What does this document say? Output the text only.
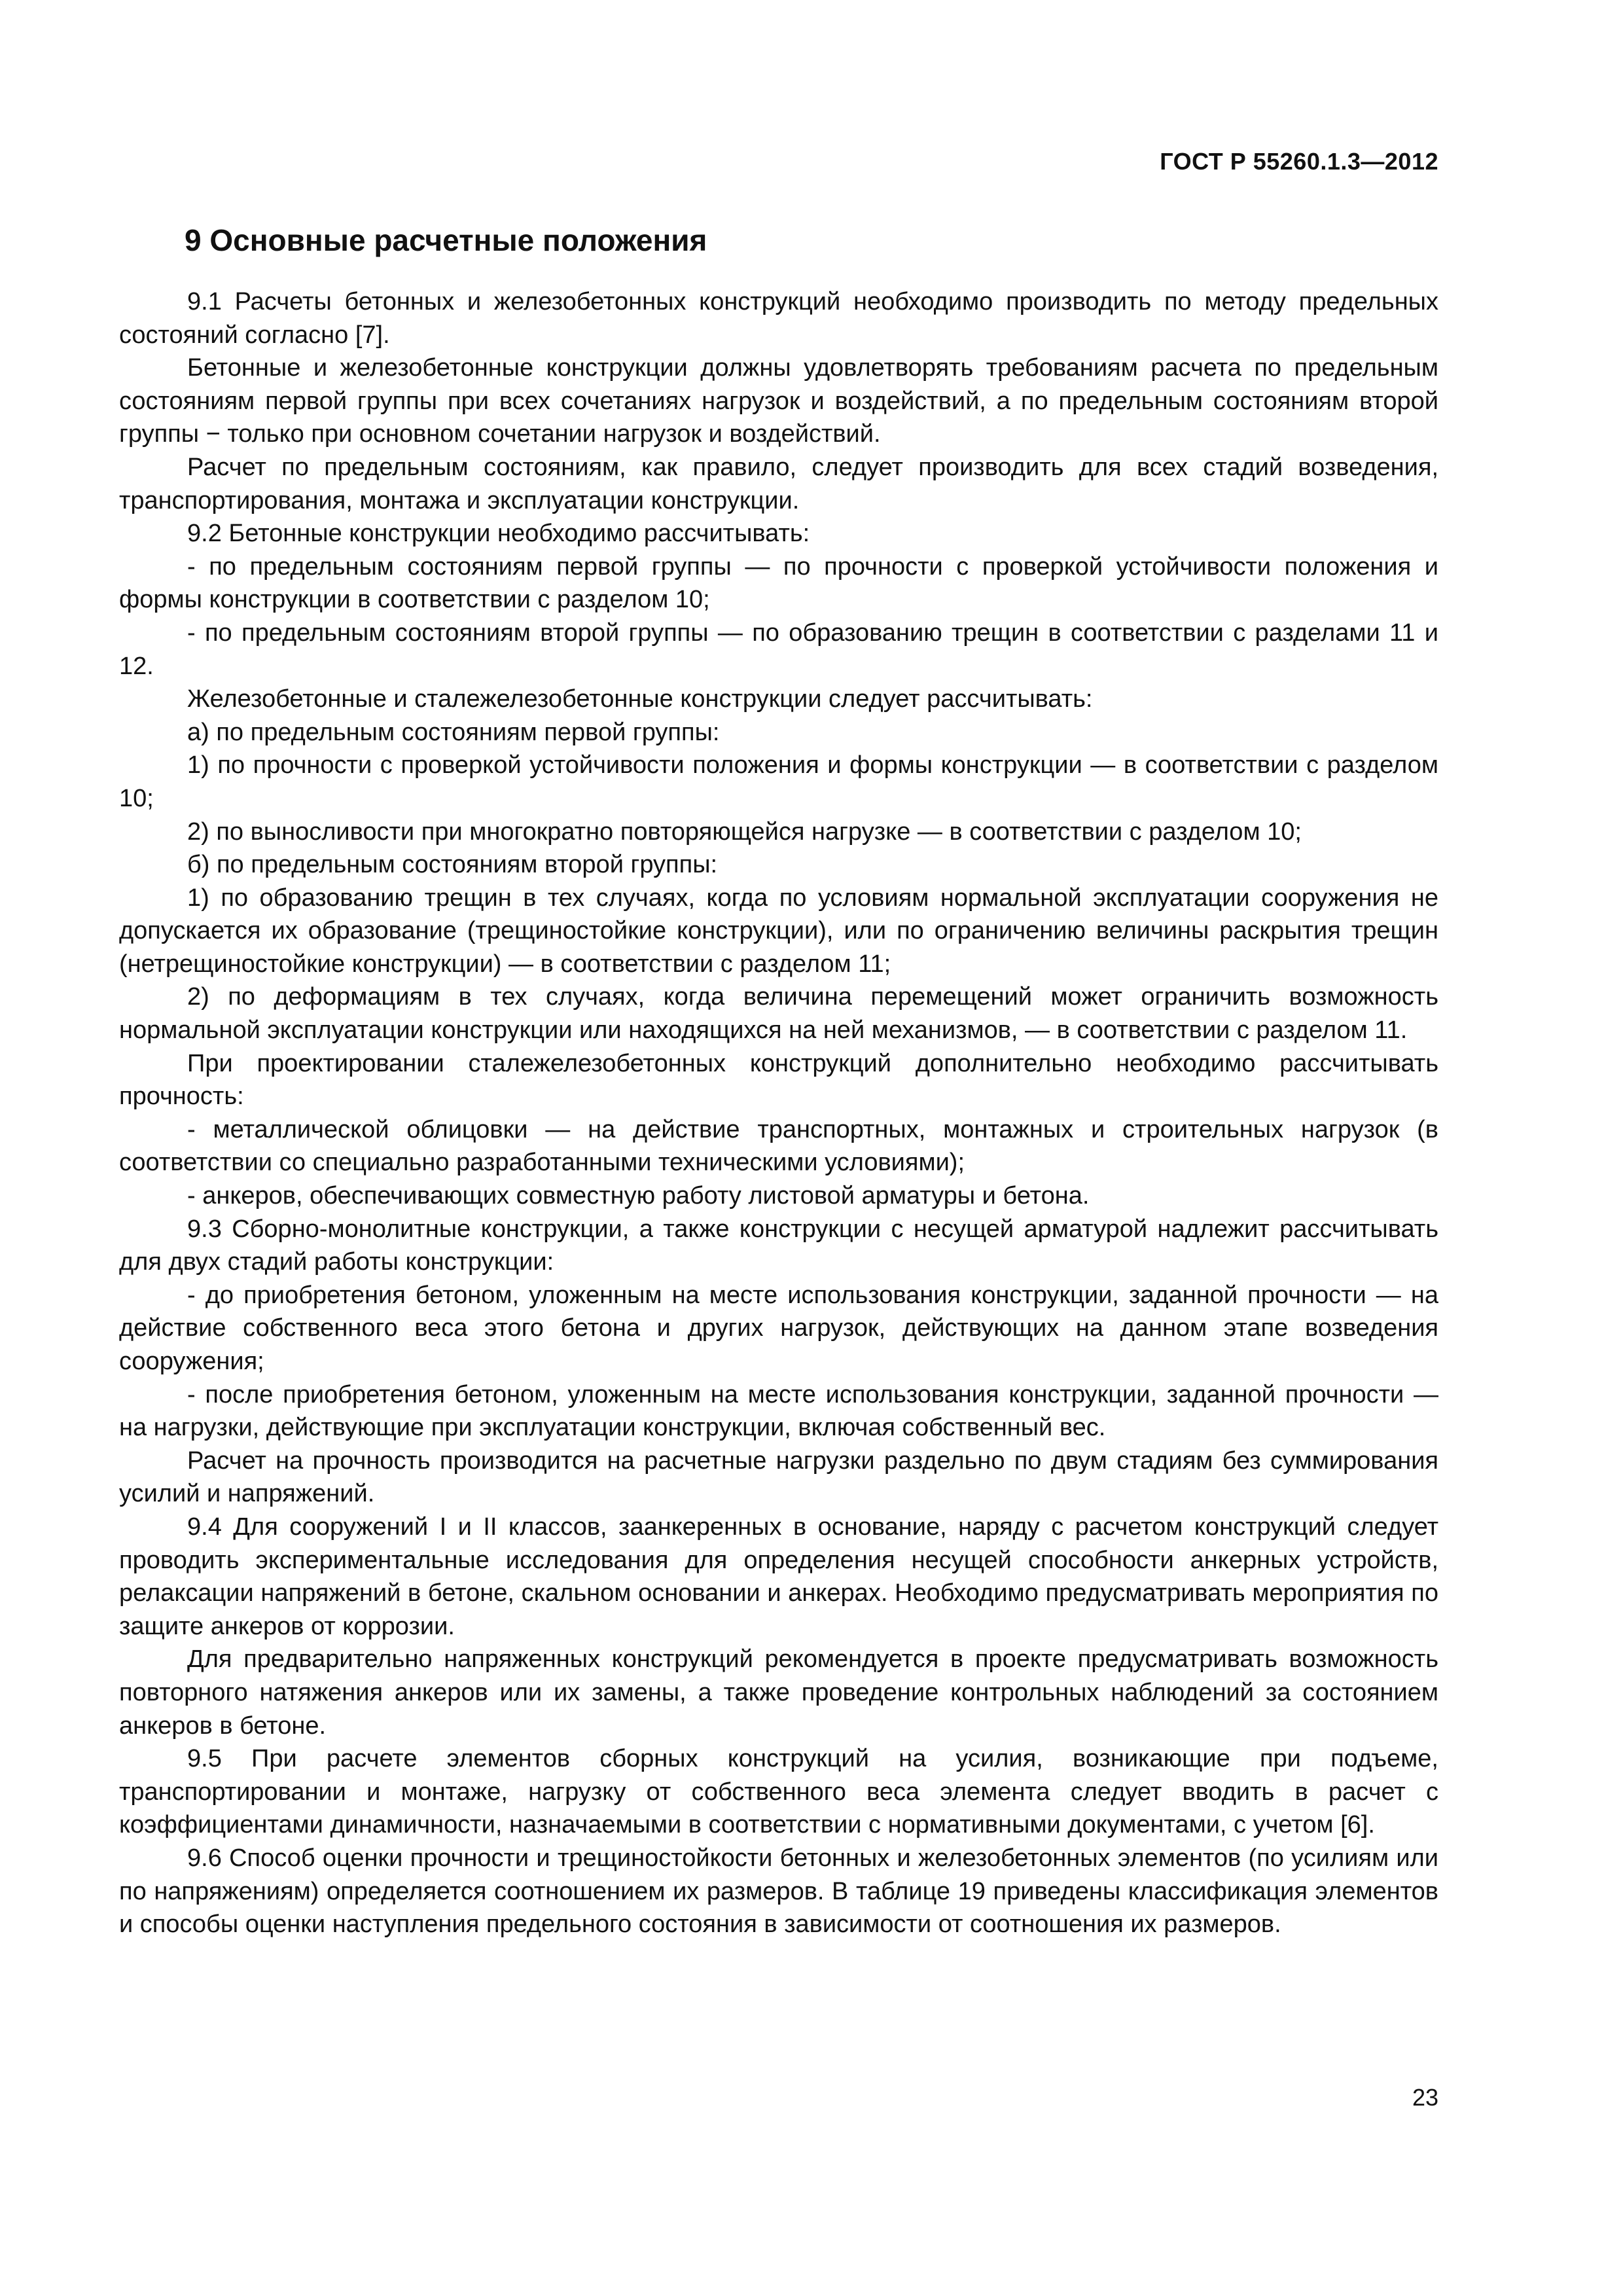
ГОСТ Р 55260.1.3—2012
9 Основные расчетные положения

9.1 Расчеты бетонных и железобетонных конструкций необходимо производить по методу предельных состояний согласно [7].

Бетонные и железобетонные конструкции должны удовлетворять требованиям расчета по предельным состояниям первой группы при всех сочетаниях нагрузок и воздействий, а по предельным состояниям второй группы − только при основном сочетании нагрузок и воздействий.

Расчет по предельным состояниям, как правило, следует производить для всех стадий возведения, транспортирования, монтажа и эксплуатации конструкции.

9.2 Бетонные конструкции необходимо рассчитывать:

- по предельным состояниям первой группы — по прочности с проверкой устойчивости положения и формы конструкции в соответствии с разделом 10;

- по предельным состояниям второй группы — по образованию трещин в соответствии с разделами 11 и 12.

Железобетонные и сталежелезобетонные конструкции следует рассчитывать:

а) по предельным состояниям первой группы:

1) по прочности с проверкой устойчивости положения и формы конструкции — в соответствии с разделом 10;

2) по выносливости при многократно повторяющейся нагрузке — в соответствии с разделом 10;

б) по предельным состояниям второй группы:

1) по образованию трещин в тех случаях, когда по условиям нормальной эксплуатации сооружения не допускается их образование (трещиностойкие конструкции), или по ограничению величины раскрытия трещин (нетрещиностойкие конструкции) — в соответствии с разделом 11;

2) по деформациям в тех случаях, когда величина перемещений может ограничить возможность нормальной эксплуатации конструкции или находящихся на ней механизмов, — в соответствии с разделом 11.

При проектировании сталежелезобетонных конструкций дополнительно необходимо рассчитывать прочность:

- металлической облицовки — на действие транспортных, монтажных и строительных нагрузок (в соответствии со специально разработанными техническими условиями);

- анкеров, обеспечивающих совместную работу листовой арматуры и бетона.

9.3 Сборно-монолитные конструкции, а также конструкции с несущей арматурой надлежит рассчитывать для двух стадий работы конструкции:

- до приобретения бетоном, уложенным на месте использования конструкции, заданной прочности — на действие собственного веса этого бетона и других нагрузок, действующих на данном этапе возведения сооружения;

- после приобретения бетоном, уложенным на месте использования конструкции, заданной прочности — на нагрузки, действующие при эксплуатации конструкции, включая собственный вес.

Расчет на прочность производится на расчетные нагрузки раздельно по двум стадиям без суммирования усилий и напряжений.

9.4 Для сооружений I и II классов, заанкеренных в основание, наряду с расчетом конструкций следует проводить экспериментальные исследования для определения несущей способности анкерных устройств, релаксации напряжений в бетоне, скальном основании и анкерах. Необходимо предусматривать мероприятия по защите анкеров от коррозии.

Для предварительно напряженных конструкций рекомендуется в проекте предусматривать возможность повторного натяжения анкеров или их замены, а также проведение контрольных наблюдений за состоянием анкеров в бетоне.

9.5 При расчете элементов сборных конструкций на усилия, возникающие при подъеме, транспортировании и монтаже, нагрузку от собственного веса элемента следует вводить в расчет с коэффициентами динамичности, назначаемыми в соответствии с нормативными документами, с учетом [6].

9.6 Способ оценки прочности и трещиностойкости бетонных и железобетонных элементов (по усилиям или по напряжениям) определяется соотношением их размеров. В таблице 19 приведены классификация элементов и способы оценки наступления предельного состояния в зависимости от соотношения их размеров.

23
